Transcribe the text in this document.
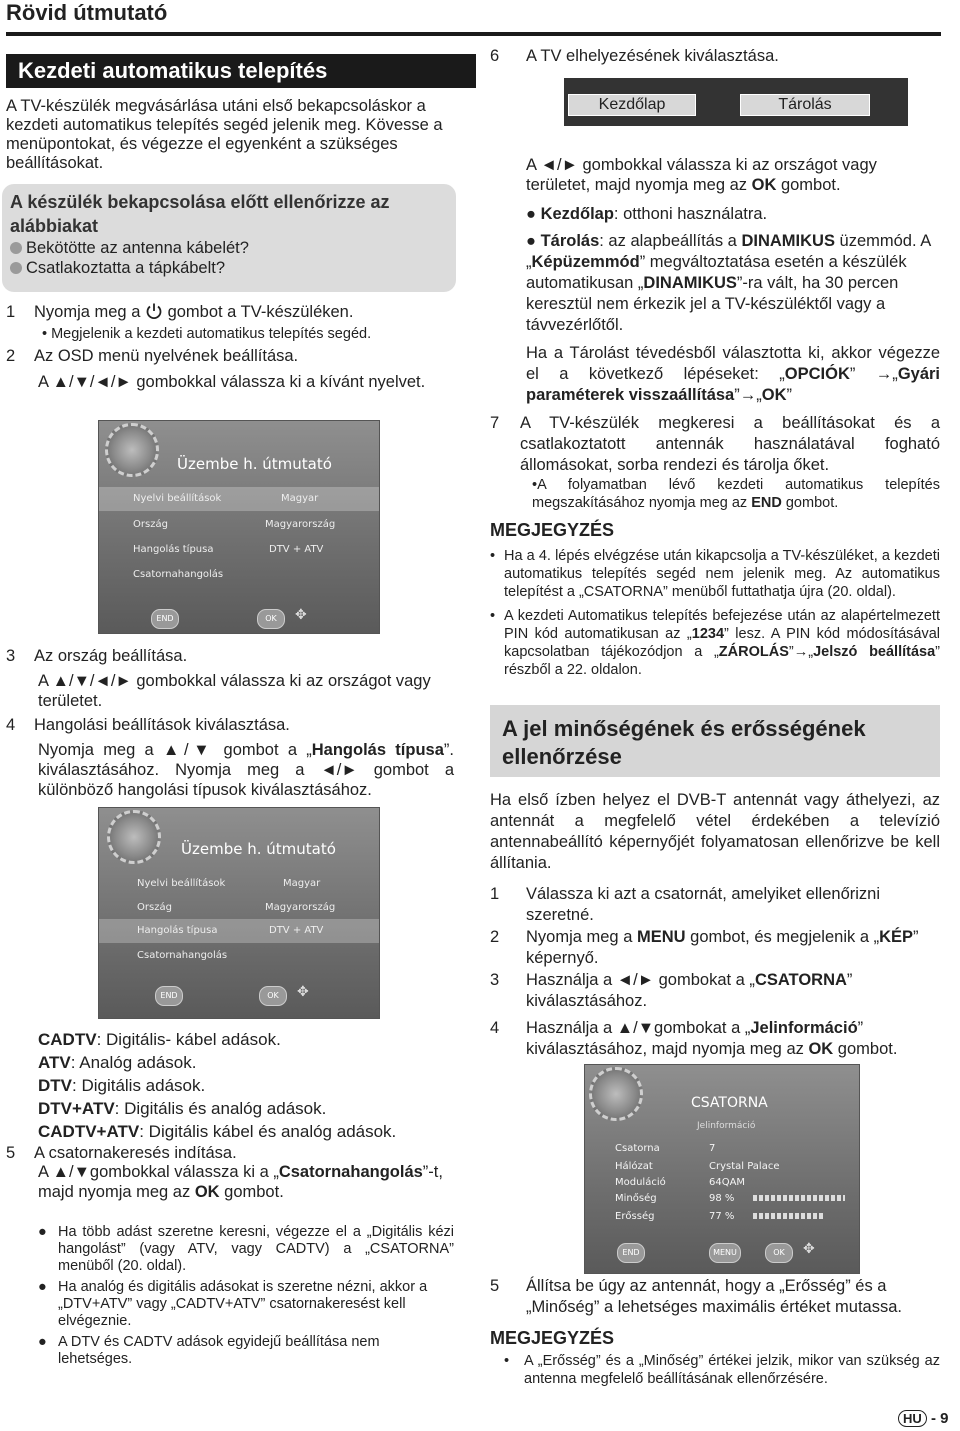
Rövid útmutató
Kezdeti automatikus telepítés
A TV-készülék megvásárlása utáni első bekapcsoláskor a kezdeti automatikus telepítés segéd jelenik meg. Kövesse a menüpontokat, és végezze el egyenként a szükséges beállításokat.
A készülék bekapcsolása előtt ellenőrizze az alábbiakat
Bekötötte az antenna kábelét?
Csatlakoztatta a tápkábelt?
1 Nyomja meg a gombot a TV-készüléken.
• Megjelenik a kezdeti automatikus telepítés segéd.
2 Az OSD menü nyelvének beállítása.
A ▲/▼/◄/► gombokkal válassza ki a kívánt nyelvet.
Üzembe h. útmutató
Nyelvi beállítások	Magyar
Ország	Magyarország
Hangolás típusa	DTV + ATV
Csatornahangolás
END	OK	✥
3 Az ország beállítása.
A ▲/▼/◄/► gombokkal válassza ki az országot vagy területet.
4 Hangolási beállítások kiválasztása.
Nyomja meg a ▲/▼ gombot a „Hangolás típusa”. kiválasztásához. Nyomja meg a ◄/► gombot a különböző hangolási típusok kiválasztásához.
Üzembe h. útmutató
Nyelvi beállítások	Magyar
Ország	Magyarország
Hangolás típusa	DTV + ATV
Csatornahangolás
END	OK	✥
CADTV: Digitális- kábel adások.
ATV: Analóg adások.
DTV: Digitális adások.
DTV+ATV: Digitális és analóg adások.
CADTV+ATV: Digitális kábel és analóg adások.
5 A csatornakeresés indítása.
A ▲/▼gombokkal válassza ki a „Csatornahangolás”-t, majd nyomja meg az OK gombot.
● Ha több adást szeretne keresni, végezze el a „Digitális kézi hangolást” (vagy ATV, vagy CADTV) a „CSATORNA” menüből (20. oldal).
● Ha analóg és digitális adásokat is szeretne nézni, akkor a „DTV+ATV” vagy „CADTV+ATV” csatornakeresést kell elvégeznie.
● A DTV és CADTV adások egyidejű beállítása nem lehetséges.
6 A TV elhelyezésének kiválasztása.
Kezdőlap	Tárolás
A ◄/► gombokkal válassza ki az országot vagy területet, majd nyomja meg az OK gombot.
● Kezdőlap: otthoni használatra.
● Tárolás: az alapbeállítás a DINAMIKUS üzemmód. A „Képüzemmód” megváltoztatása esetén a készülék automatikusan „DINAMIKUS”-ra vált, ha 30 percen keresztül nem érkezik jel a TV-készüléktől vagy a távvezérlőtől.
Ha a Tárolást tévedésből választotta ki, akkor végezze el a következő lépéseket: „OPCIÓK” →„Gyári paraméterek visszaállítása”→„OK”
7	A TV-készülék megkeresi a beállításokat és a csatlakoztatott antennák használatával fogható állomásokat, sorba rendezi és tárolja őket.
•A folyamatban lévő kezdeti automatikus telepítés megszakításához nyomja meg az END gombot.
MEGJEGYZÉS
• Ha a 4. lépés elvégzése után kikapcsolja a TV-készüléket, a kezdeti automatikus telepítés segéd nem jelenik meg. Az automatikus telepítést a „CSATORNA” menüből futtathatja újra (20. oldal).
• A kezdeti Automatikus telepítés befejezése után az alapértelmezett PIN kód automatikusan az „1234” lesz. A PIN kód módosításával kapcsolatban tájékozódjon a „ZÁROLÁS”→„Jelszó beállítása” részből a 22. oldalon.
A jel minőségének és erősségének ellenőrzése
Ha első ízben helyez el DVB-T antennát vagy áthelyezi, az antennát a megfelelő vétel érdekében a televízió antennabeállító képernyőjét folyamatosan ellenőrizve be kell állítania.
1	Válassza ki azt a csatornát, amelyiket ellenőrizni szeretné.
2	Nyomja meg a MENU gombot, és megjelenik a „KÉP” képernyő.
3	Használja a ◄/► gombokat a „CSATORNA” kiválasztásához.
4	Használja a ▲/▼gombokat a „Jelinformáció” kiválasztásához, majd nyomja meg az OK gombot.
CSATORNA
Jelinformáció
Csatorna	7
Hálózat	Crystal Palace
Moduláció	64QAM
Minőség	98 %
Erősség	77 %
END	MENU	OK	✥
5	Állítsa be úgy az antennát, hogy a „Erősség” és a „Minőség” a lehetséges maximális értéket mutassa.
MEGJEGYZÉS
• A „Erősség” és a „Minőség” értékei jelzik, mikor van szükség az antenna megfelelő beállításának ellenőrzésére.
HU - 9
